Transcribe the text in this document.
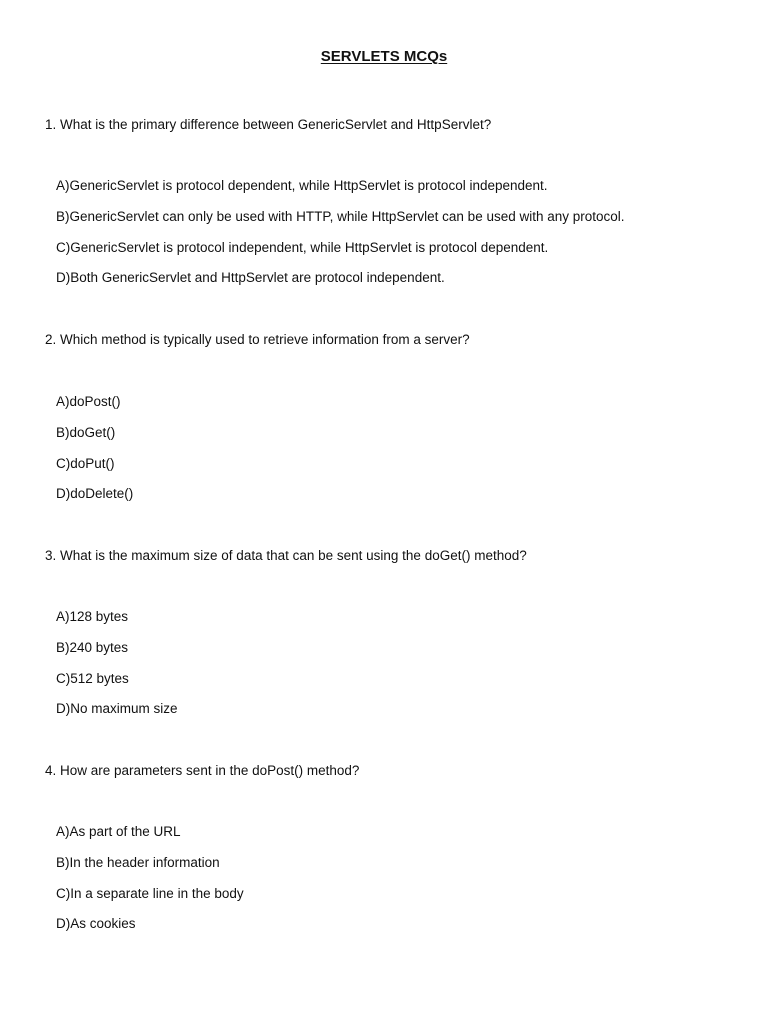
SERVLETS MCQs
1. What is the primary difference between GenericServlet and HttpServlet?
A)GenericServlet is protocol dependent, while HttpServlet is protocol independent.
B)GenericServlet can only be used with HTTP, while HttpServlet can be used with any protocol.
C)GenericServlet is protocol independent, while HttpServlet is protocol dependent.
D)Both GenericServlet and HttpServlet are protocol independent.
2. Which method is typically used to retrieve information from a server?
A)doPost()
B)doGet()
C)doPut()
D)doDelete()
3. What is the maximum size of data that can be sent using the doGet() method?
A)128 bytes
B)240 bytes
C)512 bytes
D)No maximum size
4. How are parameters sent in the doPost() method?
A)As part of the URL
B)In the header information
C)In a separate line in the body
D)As cookies
